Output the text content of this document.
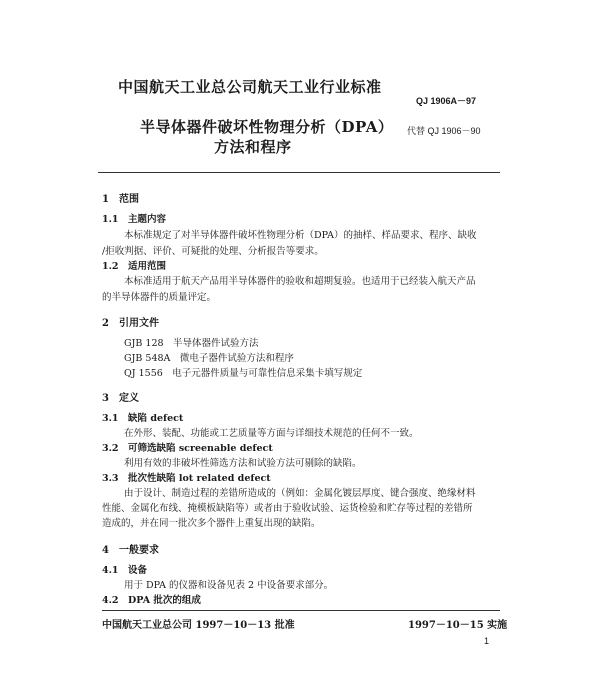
中国航天工业总公司航天工业行业标准
QJ 1906A－97
半导体器件破坏性物理分析（DPA） 代替 QJ 1906－90
方法和程序
1　范围
1.1　主题内容
本标准规定了对半导体器件破坏性物理分析（DPA）的抽样、样品要求、程序、缺收
/拒收判据、评价、可疑批的处理、分析报告等要求。
1.2　适用范围
本标准适用于航天产品用半导体器件的验收和超期复验。也适用于已经装入航天产品
的半导体器件的质量评定。
2　引用文件
GJB 128　半导体器件试验方法
GJB 548A　微电子器件试验方法和程序
QJ 1556　电子元器件质量与可靠性信息采集卡填写规定
3　定义
3.1　缺陷 defect
在外形、装配、功能或工艺质量等方面与详细技术规范的任何不一致。
3.2　可筛选缺陷 screenable defect
利用有效的非破坏性筛选方法和试验方法可剔除的缺陷。
3.3　批次性缺陷 lot related defect
由于设计、制造过程的差错所造成的（例如：金属化镀层厚度、键合强度、绝缘材料
性能、金属化布线、掩模板缺陷等）或者由于验收试验、运货检验和贮存等过程的差错所
造成的，并在同一批次多个器件上重复出现的缺陷。
4　一般要求
4.1　设备
用于 DPA 的仪器和设备见表 2 中设备要求部分。
4.2　DPA 批次的组成
中国航天工业总公司 1997－10－13 批准	1997－10－15 实施
1
